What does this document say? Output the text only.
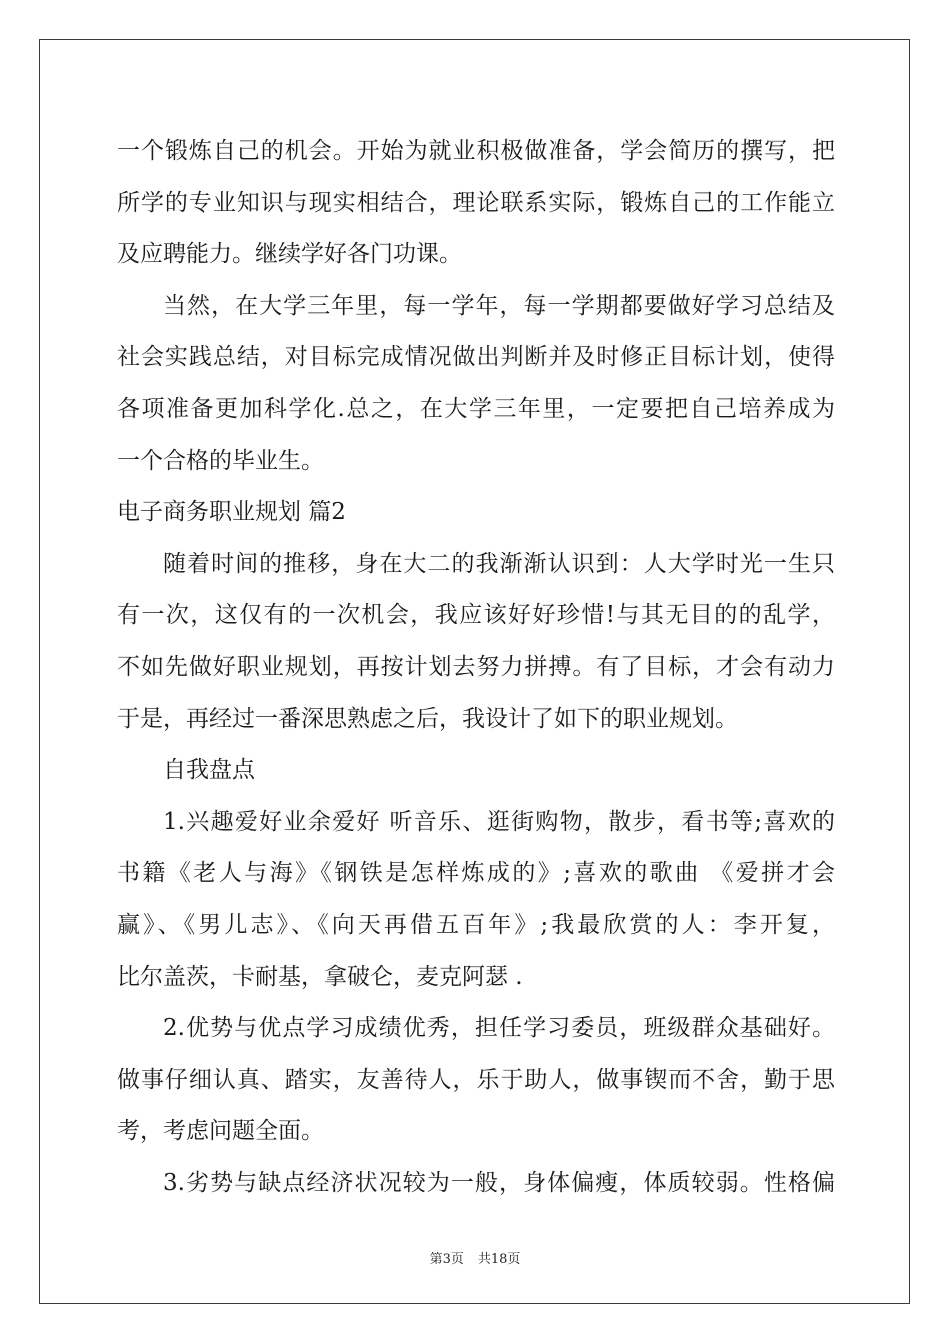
一个锻炼自己的机会。开始为就业积极做准备，学会简历的撰写，把
所学的专业知识与现实相结合，理论联系实际，锻炼自己的工作能立
及应聘能力。继续学好各门功课。
当然，在大学三年里，每一学年，每一学期都要做好学习总结及
社会实践总结，对目标完成情况做出判断并及时修正目标计划，使得
各项准备更加科学化.总之，在大学三年里，一定要把自己培养成为
一个合格的毕业生。
电子商务职业规划 篇2
随着时间的推移，身在大二的我渐渐认识到：人大学时光一生只
有一次，这仅有的一次机会，我应该好好珍惜!与其无目的的乱学，
不如先做好职业规划，再按计划去努力拼搏。有了目标，才会有动力
于是，再经过一番深思熟虑之后，我设计了如下的职业规划。
自我盘点
1.兴趣爱好业余爱好 听音乐、逛街购物，散步，看书等;喜欢的
书籍《老人与海》《钢铁是怎样炼成的》;喜欢的歌曲 《爱拼才会
赢》、《男儿志》、《向天再借五百年》;我最欣赏的人：李开复，
比尔盖茨，卡耐基，拿破仑，麦克阿瑟 .
2.优势与优点学习成绩优秀，担任学习委员，班级群众基础好。
做事仔细认真、踏实，友善待人，乐于助人，做事锲而不舍，勤于思
考，考虑问题全面。
3.劣势与缺点经济状况较为一般，身体偏瘦，体质较弱。性格偏
第3页 共18页
